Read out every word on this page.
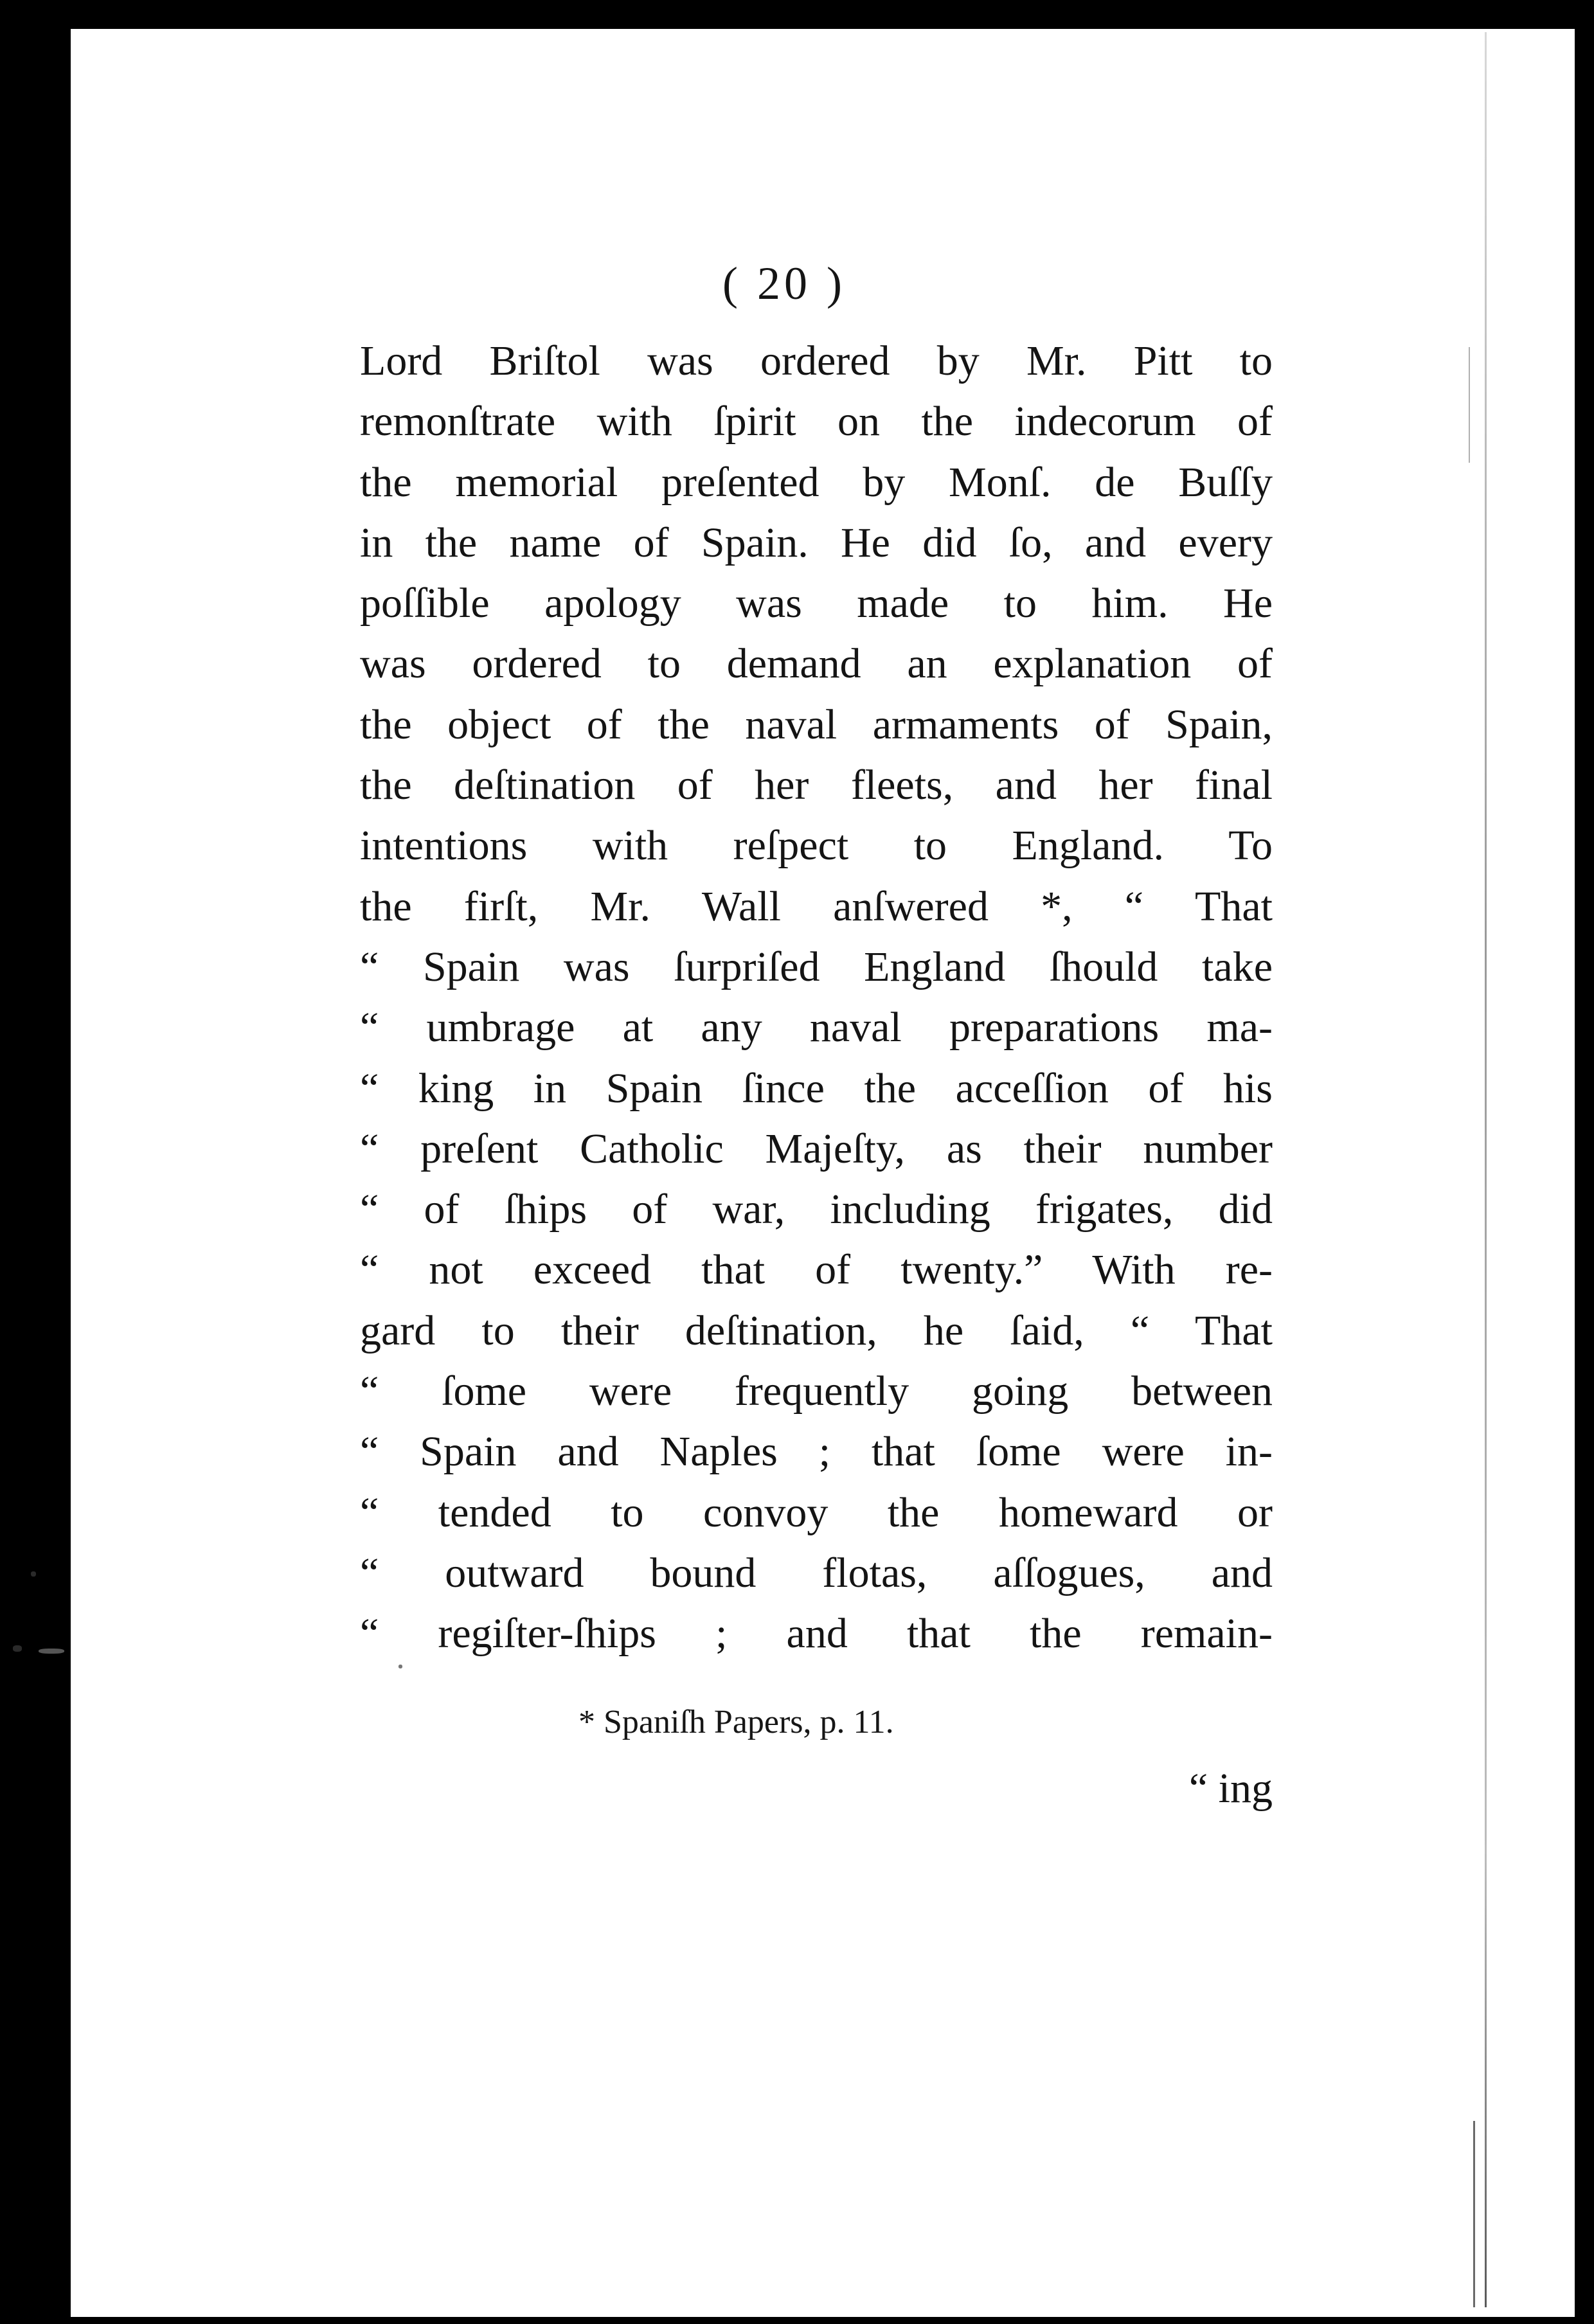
( 20 )
Lord Briſtol was ordered by Mr. Pitt to
remonſtrate with ſpirit on the indecorum of
the memorial preſented by Monſ. de Buſſy
in the name of Spain. He did ſo, and every
poſſible apology was made to him. He
was ordered to demand an explanation of
the object of the naval armaments of Spain,
the deſtination of her fleets, and her final
intentions with reſpect to England. To
the firſt, Mr. Wall anſwered *, “ That
“ Spain was ſurpriſed England ſhould take
“ umbrage at any naval preparations ma-
“ king in Spain ſince the acceſſion of his
“ preſent Catholic Majeſty, as their number
“ of ſhips of war, including frigates, did
“ not exceed that of twenty.” With re-
gard to their deſtination, he ſaid, “ That
“ ſome were frequently going between
“ Spain and Naples ; that ſome were in-
“ tended to convoy the homeward or
“ outward bound flotas, aſſogues, and
“ regiſter-ſhips ; and that the remain-
* Spaniſh Papers, p. 11.
“ ing
